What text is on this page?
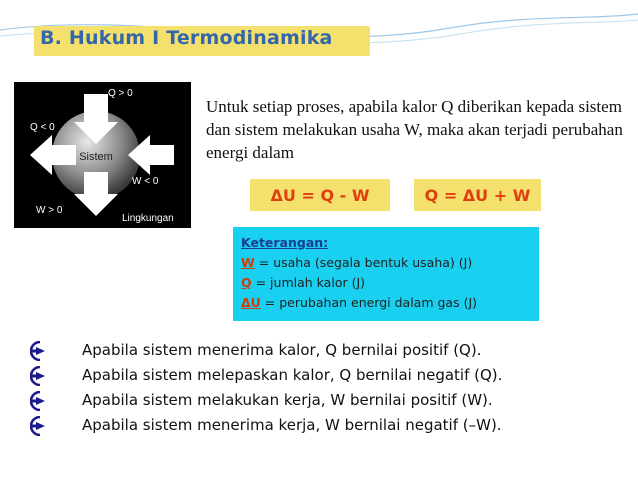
B. Hukum I Termodinamika
Sistem
Q > 0
Q < 0
W < 0
W > 0
Lingkungan

Untuk setiap proses, apabila kalor Q diberikan kepada sistem dan sistem melakukan usaha W, maka akan terjadi perubahan energi dalam

ΔU = Q - W	Q = ΔU + W
Keterangan:
W = usaha (segala bentuk usaha) (J)
Q = jumlah kalor (J)
ΔU = perubahan energi dalam gas (J)
Apabila sistem menerima kalor, Q bernilai positif (Q).
Apabila sistem melepaskan kalor, Q bernilai negatif (Q).
Apabila sistem melakukan kerja, W bernilai positif (W).
Apabila sistem menerima kerja, W bernilai negatif (–W).
